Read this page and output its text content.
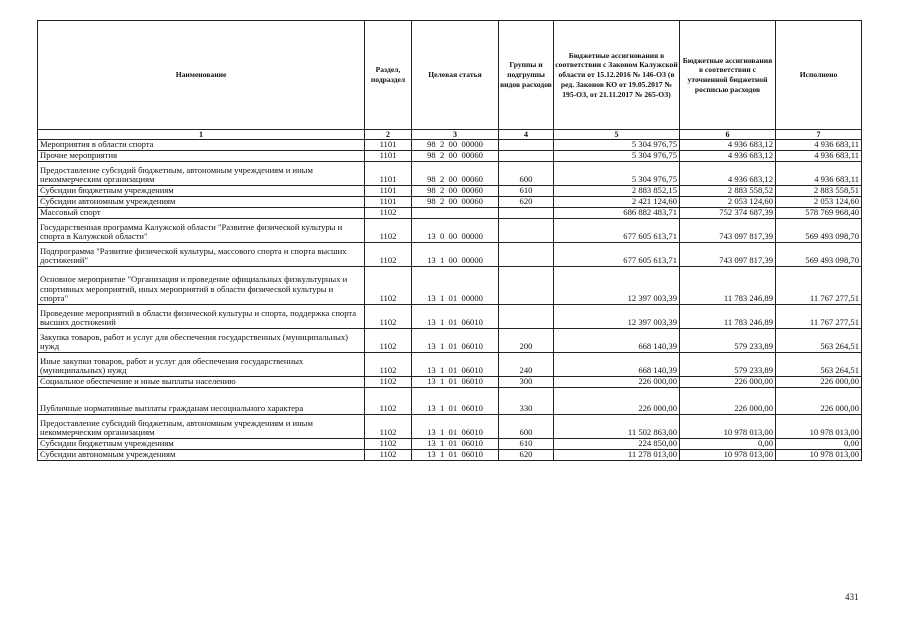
Наименование	Раздел, подраздел	Целевая статья	Группы и подгруппы видов расходов	Бюджетные ассигнования в соответствии с Законом Калужской области от 15.12.2016 № 146-ОЗ (в ред. Законов КО от 19.05.2017 № 195-ОЗ, от 21.11.2017 № 265-ОЗ)	Бюджетные ассигнования в соответствии с уточненной бюджетной росписью расходов	Исполнено
1	2	3	4	5	6	7
Мероприятия в области спорта	1101	98  2  00  00000		5 304 976,75	4 936 683,12	4 936 683,11
Прочие мероприятия	1101	98  2  00  00060		5 304 976,75	4 936 683,12	4 936 683,11
Предоставление субсидий бюджетным, автономным учреждениям и иным некоммерческим организациям	1101	98  2  00  00060	600	5 304 976,75	4 936 683,12	4 936 683,11
Субсидии бюджетным учреждениям	1101	98  2  00  00060	610	2 883 852,15	2 883 558,52	2 883 558,51
Субсидии автономным учреждениям	1101	98  2  00  00060	620	2 421 124,60	2 053 124,60	2 053 124,60
Массовый спорт	1102			686 882 483,71	752 374 687,39	578 769 968,40
Государственная программа Калужской области "Развитие физической культуры и спорта в Калужской области"	1102	13  0  00  00000		677 605 613,71	743 097 817,39	569 493 098,70
Подпрограмма "Развитие физической культуры, массового спорта и спорта высших достижений"	1102	13  1  00  00000		677 605 613,71	743 097 817,39	569 493 098,70
Основное мероприятие "Организация и проведение официальных физкультурных и спортивных мероприятий, иных мероприятий в области физической культуры и спорта"	1102	13  1  01  00000		12 397 003,39	11 783 246,89	11 767 277,51
Проведение мероприятий в области физической культуры и спорта, поддержка спорта высших достижений	1102	13  1  01  06010		12 397 003,39	11 783 246,89	11 767 277,51
Закупка товаров, работ и услуг для обеспечения государственных (муниципальных) нужд	1102	13  1  01  06010	200	668 140,39	579 233,89	563 264,51
Иные закупки товаров, работ и услуг для обеспечения государственных (муниципальных) нужд	1102	13  1  01  06010	240	668 140,39	579 233,89	563 264,51
Социальное обеспечение и иные выплаты населению	1102	13  1  01  06010	300	226 000,00	226 000,00	226 000,00
Публичные нормативные выплаты гражданам несоциального характера	1102	13  1  01  06010	330	226 000,00	226 000,00	226 000,00
Предоставление субсидий бюджетным, автономным учреждениям и иным некоммерческим организациям	1102	13  1  01  06010	600	11 502 863,00	10 978 013,00	10 978 013,00
Субсидии бюджетным учреждениям	1102	13  1  01  06010	610	224 850,00	0,00	0,00
Субсидии автономным учреждениям	1102	13  1  01  06010	620	11 278 013,00	10 978 013,00	10 978 013,00
431
